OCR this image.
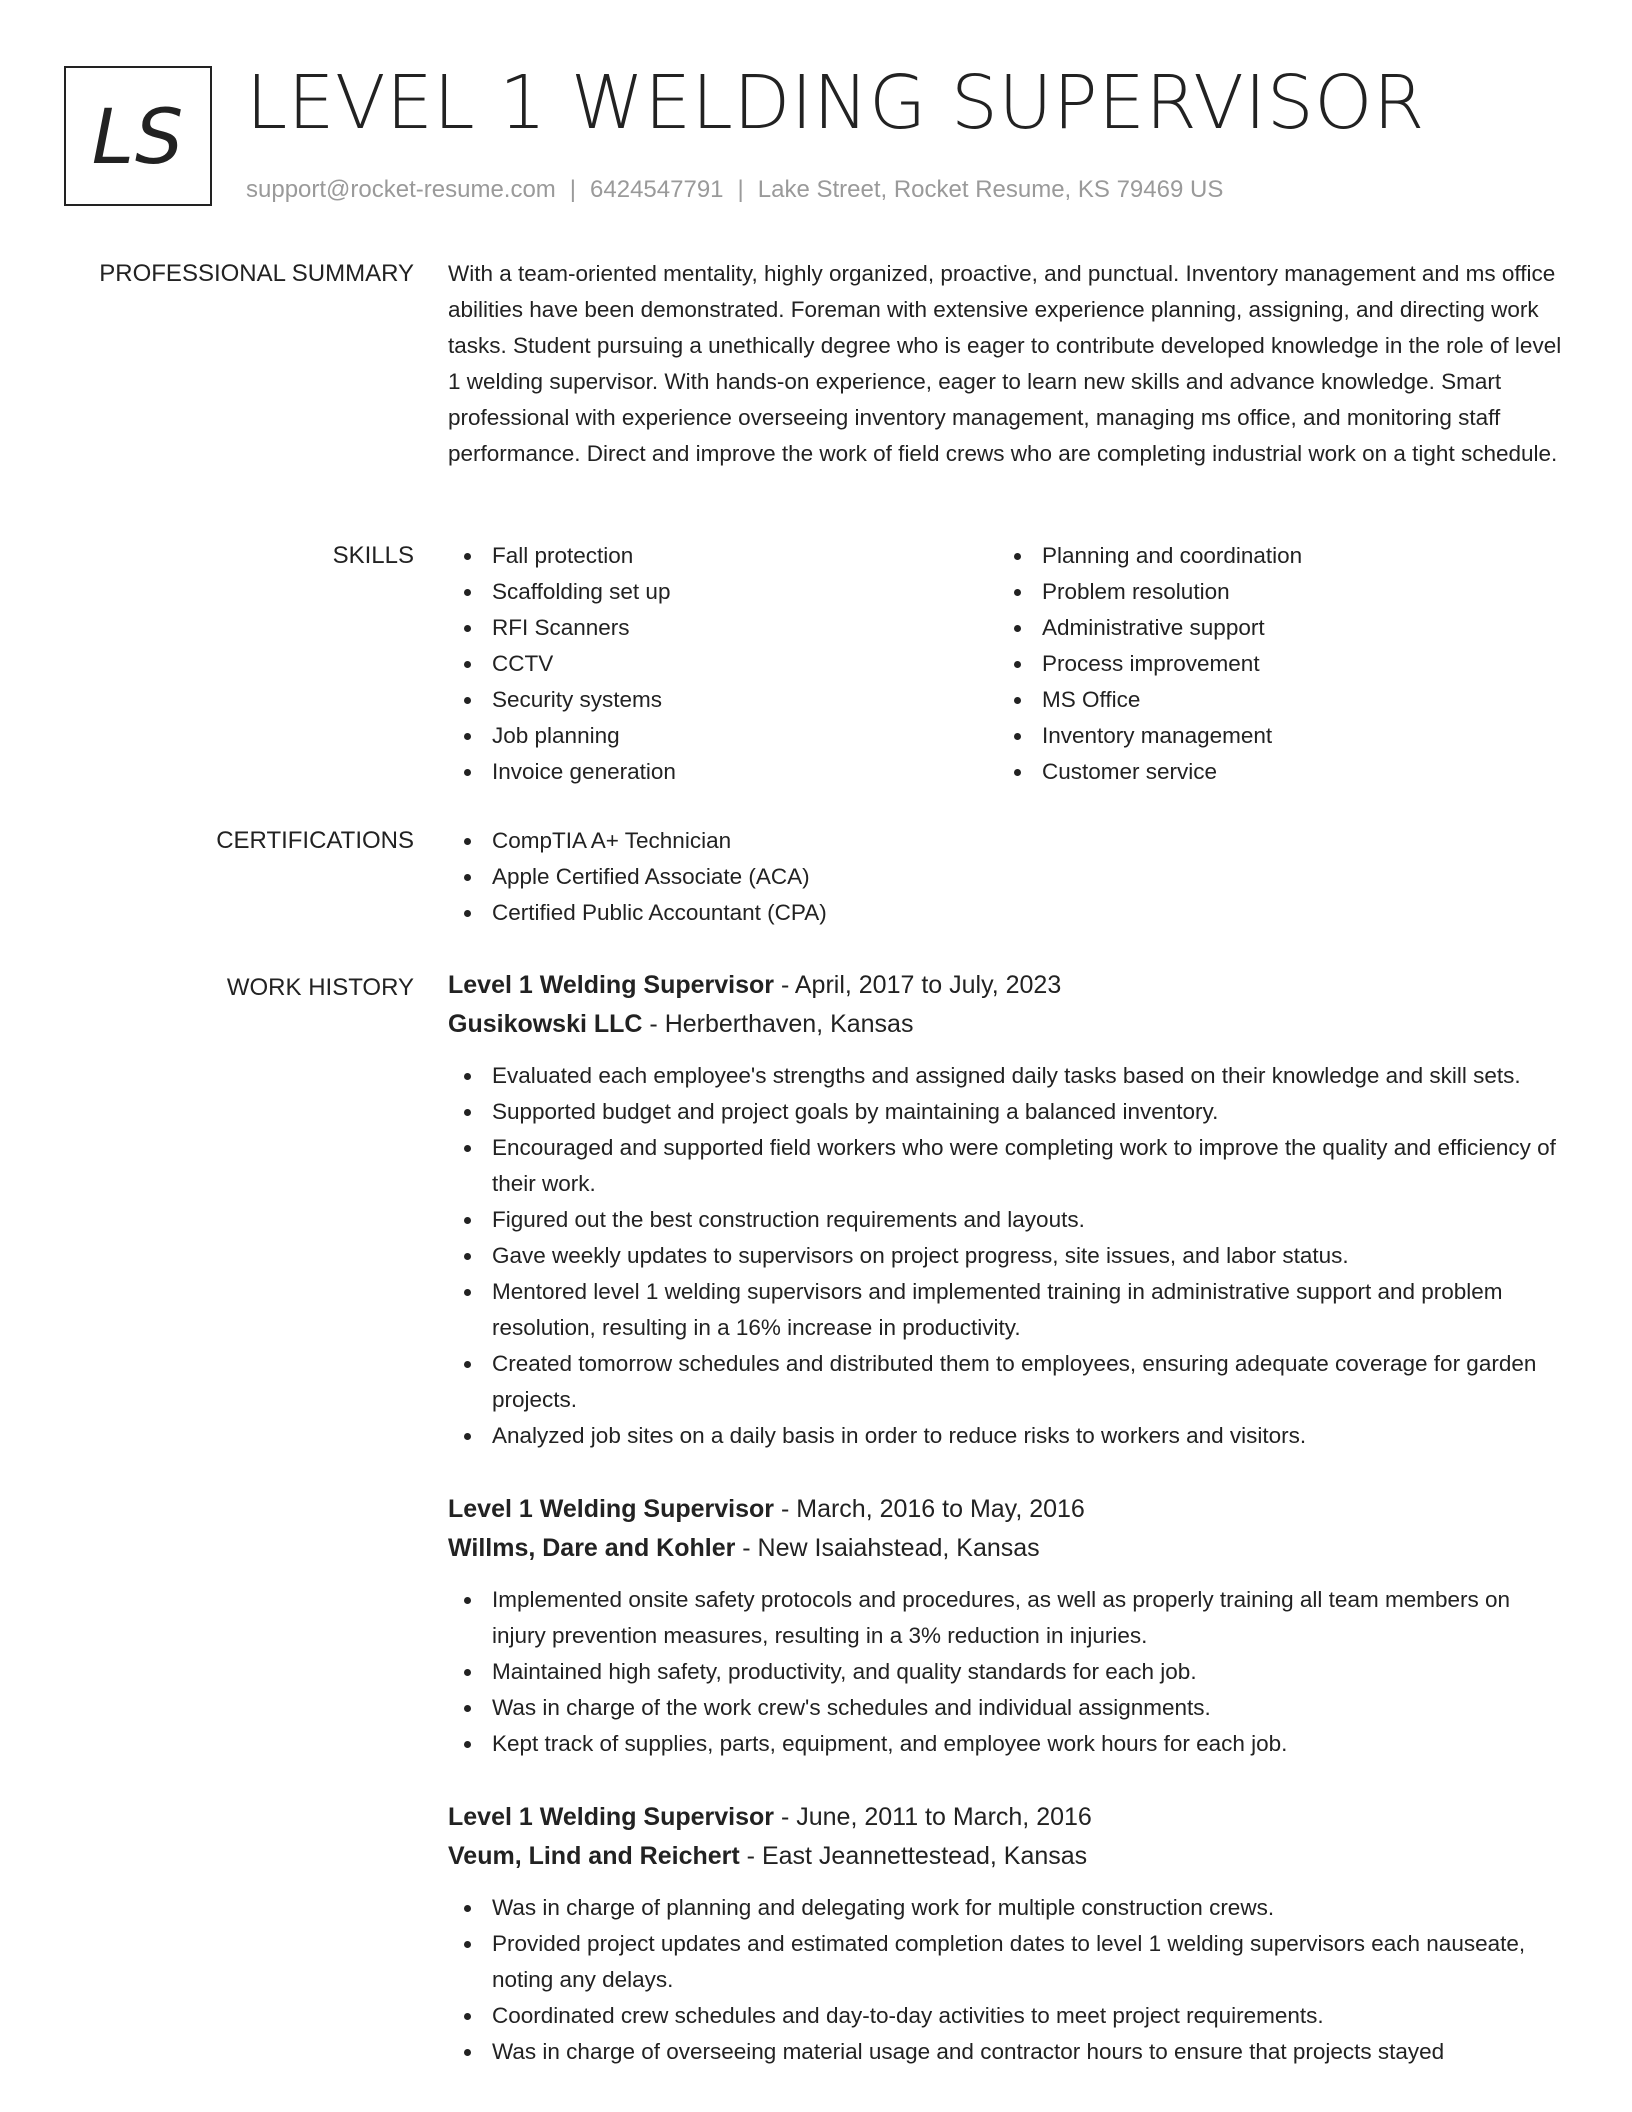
LS LEVEL 1 WELDING SUPERVISOR
support@rocket-resume.com | 6424547791 | Lake Street, Rocket Resume, KS 79469 US
PROFESSIONAL SUMMARY With a team-oriented mentality, highly organized, proactive, and punctual. Inventory management and ms office abilities have been demonstrated. Foreman with extensive experience planning, assigning, and directing work tasks. Student pursuing a unethically degree who is eager to contribute developed knowledge in the role of level 1 welding supervisor. With hands-on experience, eager to learn new skills and advance knowledge. Smart professional with experience overseeing inventory management, managing ms office, and monitoring staff performance. Direct and improve the work of field crews who are completing industrial work on a tight schedule.

SKILLS	Fall protection
Scaffolding set up
RFI Scanners
CCTV
Security systems
Job planning
Invoice generation
Planning and coordination
Problem resolution
Administrative support
Process improvement
MS Office
Inventory management
Customer service
CERTIFICATIONS	CompTIA A+ Technician
Apple Certified Associate (ACA)
Certified Public Accountant (CPA)
WORK HISTORY Level 1 Welding Supervisor - April, 2017 to July, 2023
Gusikowski LLC - Herberthaven, Kansas
Evaluated each employee's strengths and assigned daily tasks based on their knowledge and skill sets.
Supported budget and project goals by maintaining a balanced inventory.
Encouraged and supported field workers who were completing work to improve the quality and efficiency of their work.
Figured out the best construction requirements and layouts.
Gave weekly updates to supervisors on project progress, site issues, and labor status.
Mentored level 1 welding supervisors and implemented training in administrative support and problem resolution, resulting in a 16% increase in productivity.
Created tomorrow schedules and distributed them to employees, ensuring adequate coverage for garden projects.
Analyzed job sites on a daily basis in order to reduce risks to workers and visitors.
Level 1 Welding Supervisor - March, 2016 to May, 2016
Willms, Dare and Kohler - New Isaiahstead, Kansas
Implemented onsite safety protocols and procedures, as well as properly training all team members on injury prevention measures, resulting in a 3% reduction in injuries.
Maintained high safety, productivity, and quality standards for each job.
Was in charge of the work crew's schedules and individual assignments.
Kept track of supplies, parts, equipment, and employee work hours for each job.
Level 1 Welding Supervisor - June, 2011 to March, 2016
Veum, Lind and Reichert - East Jeannettestead, Kansas
Was in charge of planning and delegating work for multiple construction crews.
Provided project updates and estimated completion dates to level 1 welding supervisors each nauseate, noting any delays.
Coordinated crew schedules and day-to-day activities to meet project requirements.
Was in charge of overseeing material usage and contractor hours to ensure that projects stayed
